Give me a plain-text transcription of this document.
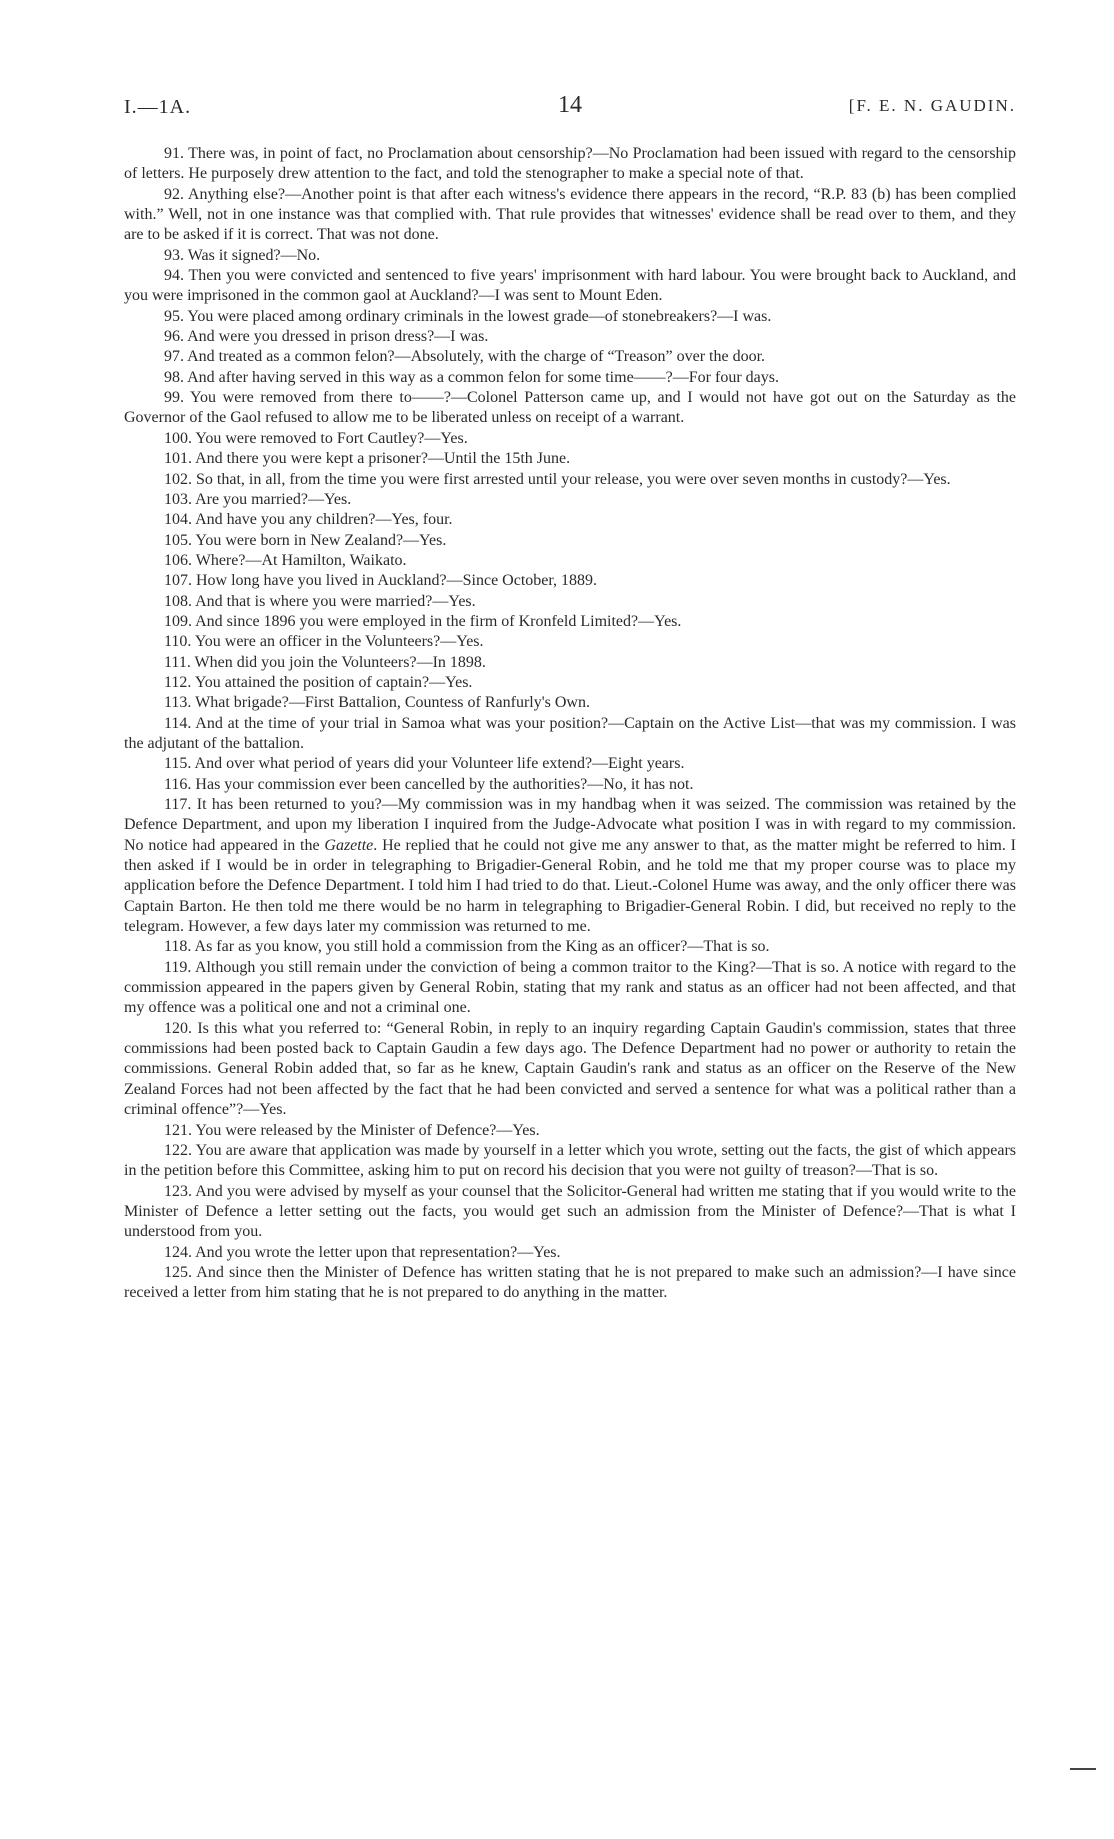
I.—1A.	14	[F. E. N. GAUDIN.

91. There was, in point of fact, no Proclamation about censorship?—No Proclamation had been issued with regard to the censorship of letters. He purposely drew attention to the fact, and told the stenographer to make a special note of that.

92. Anything else?—Another point is that after each witness's evidence there appears in the record, “R.P. 83 (b) has been complied with.” Well, not in one instance was that complied with. That rule provides that witnesses' evidence shall be read over to them, and they are to be asked if it is correct. That was not done.

93. Was it signed?—No.

94. Then you were convicted and sentenced to five years' imprisonment with hard labour. You were brought back to Auckland, and you were imprisoned in the common gaol at Auckland?—I was sent to Mount Eden.

95. You were placed among ordinary criminals in the lowest grade—of stonebreakers?—I was.

96. And were you dressed in prison dress?—I was.

97. And treated as a common felon?—Absolutely, with the charge of “Treason” over the door.

98. And after having served in this way as a common felon for some time——?—For four days.

99. You were removed from there to——?—Colonel Patterson came up, and I would not have got out on the Saturday as the Governor of the Gaol refused to allow me to be liberated unless on receipt of a warrant.

100. You were removed to Fort Cautley?—Yes.

101. And there you were kept a prisoner?—Until the 15th June.

102. So that, in all, from the time you were first arrested until your release, you were over seven months in custody?—Yes.

103. Are you married?—Yes.

104. And have you any children?—Yes, four.

105. You were born in New Zealand?—Yes.

106. Where?—At Hamilton, Waikato.

107. How long have you lived in Auckland?—Since October, 1889.

108. And that is where you were married?—Yes.

109. And since 1896 you were employed in the firm of Kronfeld Limited?—Yes.

110. You were an officer in the Volunteers?—Yes.

111. When did you join the Volunteers?—In 1898.

112. You attained the position of captain?—Yes.

113. What brigade?—First Battalion, Countess of Ranfurly's Own.

114. And at the time of your trial in Samoa what was your position?—Captain on the Active List—that was my commission. I was the adjutant of the battalion.

115. And over what period of years did your Volunteer life extend?—Eight years.

116. Has your commission ever been cancelled by the authorities?—No, it has not.

117. It has been returned to you?—My commission was in my handbag when it was seized. The commission was retained by the Defence Department, and upon my liberation I inquired from the Judge-Advocate what position I was in with regard to my commission. No notice had appeared in the Gazette. He replied that he could not give me any answer to that, as the matter might be referred to him. I then asked if I would be in order in telegraphing to Brigadier-General Robin, and he told me that my proper course was to place my application before the Defence Department. I told him I had tried to do that. Lieut.-Colonel Hume was away, and the only officer there was Captain Barton. He then told me there would be no harm in telegraphing to Brigadier-General Robin. I did, but received no reply to the telegram. However, a few days later my commission was returned to me.

118. As far as you know, you still hold a commission from the King as an officer?—That is so.

119. Although you still remain under the conviction of being a common traitor to the King?—That is so. A notice with regard to the commission appeared in the papers given by General Robin, stating that my rank and status as an officer had not been affected, and that my offence was a political one and not a criminal one.

120. Is this what you referred to: “General Robin, in reply to an inquiry regarding Captain Gaudin's commission, states that three commissions had been posted back to Captain Gaudin a few days ago. The Defence Department had no power or authority to retain the commissions. General Robin added that, so far as he knew, Captain Gaudin's rank and status as an officer on the Reserve of the New Zealand Forces had not been affected by the fact that he had been convicted and served a sentence for what was a political rather than a criminal offence”?—Yes.

121. You were released by the Minister of Defence?—Yes.

122. You are aware that application was made by yourself in a letter which you wrote, setting out the facts, the gist of which appears in the petition before this Committee, asking him to put on record his decision that you were not guilty of treason?—That is so.

123. And you were advised by myself as your counsel that the Solicitor-General had written me stating that if you would write to the Minister of Defence a letter setting out the facts, you would get such an admission from the Minister of Defence?—That is what I understood from you.

124. And you wrote the letter upon that representation?—Yes.

125. And since then the Minister of Defence has written stating that he is not prepared to make such an admission?—I have since received a letter from him stating that he is not prepared to do anything in the matter.
